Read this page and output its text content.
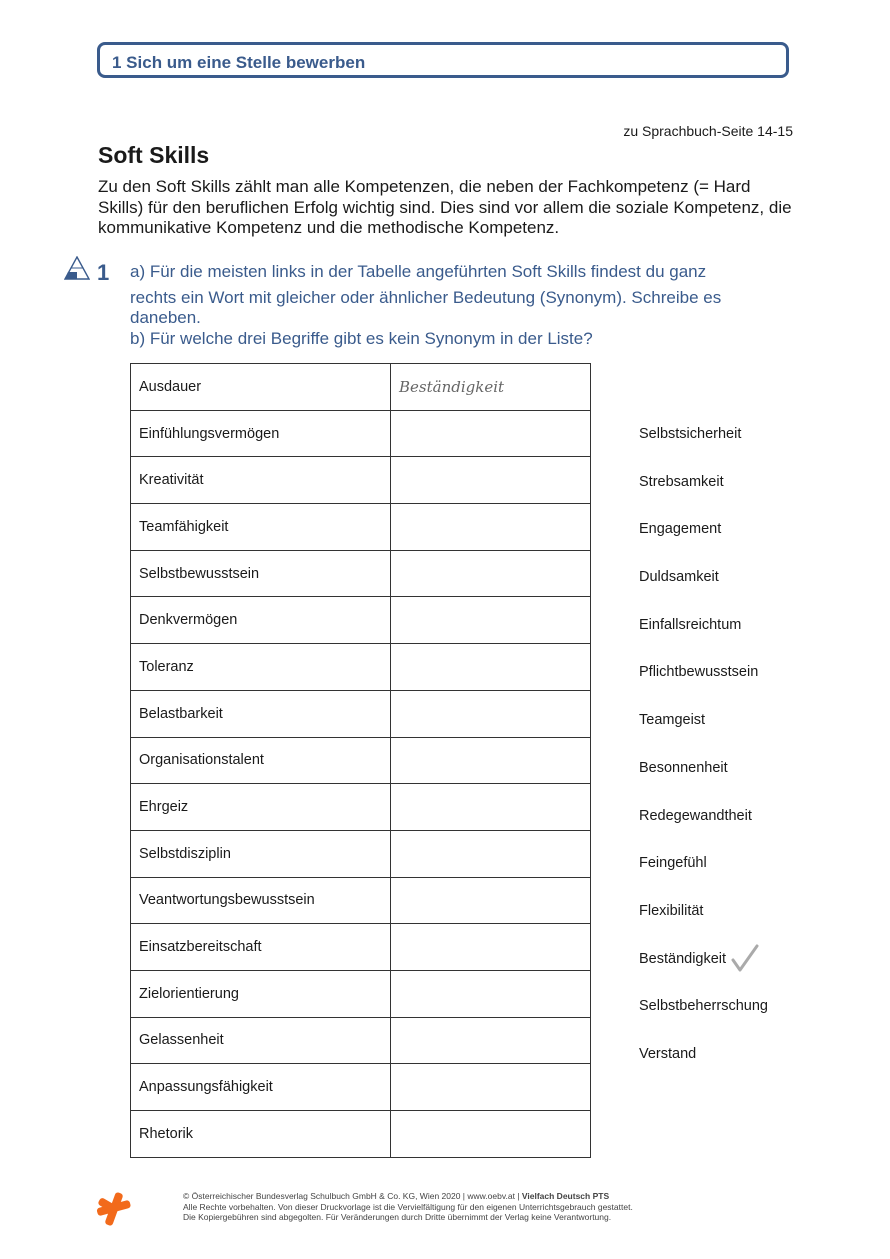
1 Sich um eine Stelle bewerben
zu Sprachbuch-Seite 14-15
Soft Skills
Zu den Soft Skills zählt man alle Kompetenzen, die neben der Fachkompetenz (= Hard Skills) für den beruflichen Erfolg wichtig sind. Dies sind vor allem die soziale Kompetenz, die kommunikative Kompetenz und die methodische Kompetenz.
1 a) Für die meisten links in der Tabelle angeführten Soft Skills findest du ganz
rechts ein Wort mit gleicher oder ähnlicher Bedeutung (Synonym). Schreibe es
daneben.
b) Für welche drei Begriffe gibt es kein Synonym in der Liste?
Ausdauer	Beständigkeit
Einfühlungsvermögen	
Kreativität	
Teamfähigkeit	
Selbstbewusstsein	
Denkvermögen	
Toleranz	
Belastbarkeit	
Organisationstalent	
Ehrgeiz	
Selbstdisziplin	
Veantwortungsbewusstsein	
Einsatzbereitschaft	
Zielorientierung	
Gelassenheit	
Anpassungsfähigkeit	
Rhetorik	
Selbstsicherheit
Strebsamkeit
Engagement
Duldsamkeit
Einfallsreichtum
Pflichtbewusstsein
Teamgeist
Besonnenheit
Redegewandtheit
Feingefühl
Flexibilität
Beständigkeit
Selbstbeherrschung
Verstand
© Österreichischer Bundesverlag Schulbuch GmbH & Co. KG, Wien 2020 | www.oebv.at | Vielfach Deutsch PTS
Alle Rechte vorbehalten. Von dieser Druckvorlage ist die Vervielfältigung für den eigenen Unterrichtsgebrauch gestattet.
Die Kopiergebühren sind abgegolten. Für Veränderungen durch Dritte übernimmt der Verlag keine Verantwortung.
